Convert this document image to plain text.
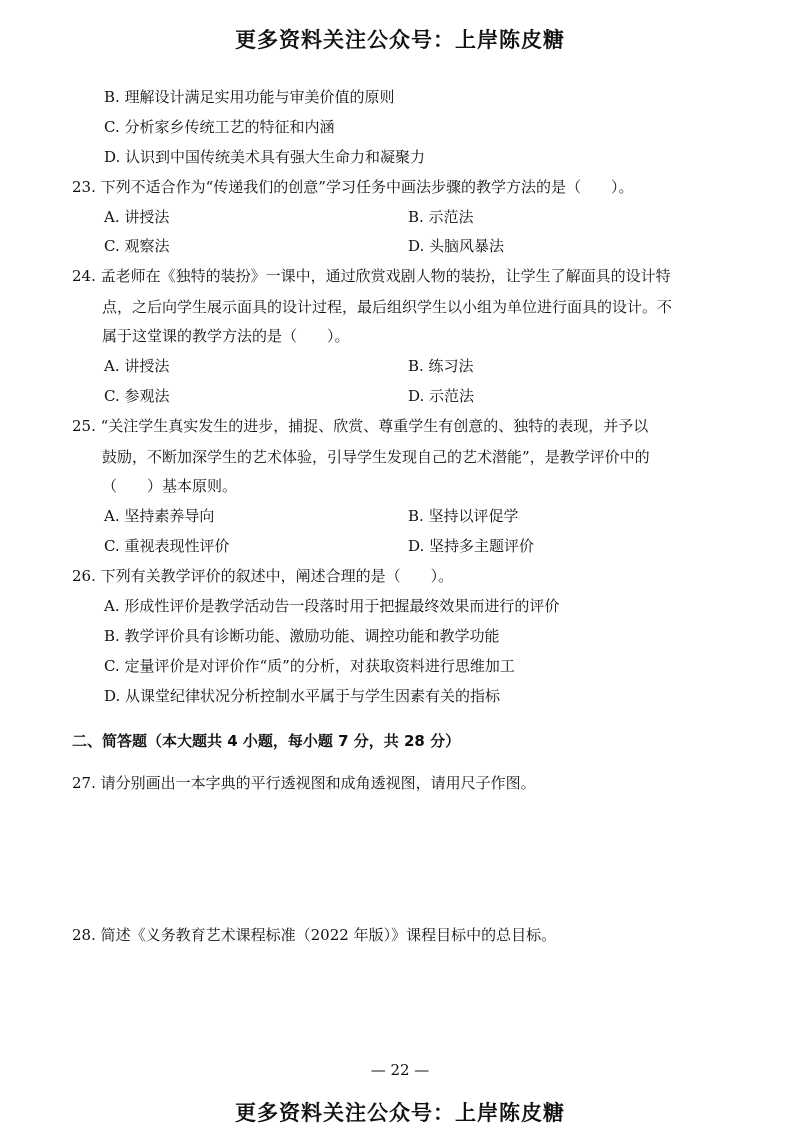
更多资料关注公众号：上岸陈皮糖
B. 理解设计满足实用功能与审美价值的原则
C. 分析家乡传统工艺的特征和内涵
D. 认识到中国传统美术具有强大生命力和凝聚力
23. 下列不适合作为“传递我们的创意”学习任务中画法步骤的教学方法的是（　　）。
A. 讲授法	B. 示范法
C. 观察法	D. 头脑风暴法
24. 孟老师在《独特的装扮》一课中，通过欣赏戏剧人物的装扮，让学生了解面具的设计特
点，之后向学生展示面具的设计过程，最后组织学生以小组为单位进行面具的设计。不
属于这堂课的教学方法的是（　　）。
A. 讲授法	B. 练习法
C. 参观法	D. 示范法
25. “关注学生真实发生的进步，捕捉、欣赏、尊重学生有创意的、独特的表现，并予以
鼓励，不断加深学生的艺术体验，引导学生发现自己的艺术潜能”，是教学评价中的
（　　）基本原则。
A. 坚持素养导向	B. 坚持以评促学
C. 重视表现性评价	D. 坚持多主题评价
26. 下列有关教学评价的叙述中，阐述合理的是（　　）。
A. 形成性评价是教学活动告一段落时用于把握最终效果而进行的评价
B. 教学评价具有诊断功能、激励功能、调控功能和教学功能
C. 定量评价是对评价作“质”的分析，对获取资料进行思维加工
D. 从课堂纪律状况分析控制水平属于与学生因素有关的指标
二、简答题（本大题共 4 小题，每小题 7 分，共 28 分）
27. 请分别画出一本字典的平行透视图和成角透视图，请用尺子作图。
28. 简述《义务教育艺术课程标准（2022 年版）》课程目标中的总目标。
— 22 —
更多资料关注公众号：上岸陈皮糖
